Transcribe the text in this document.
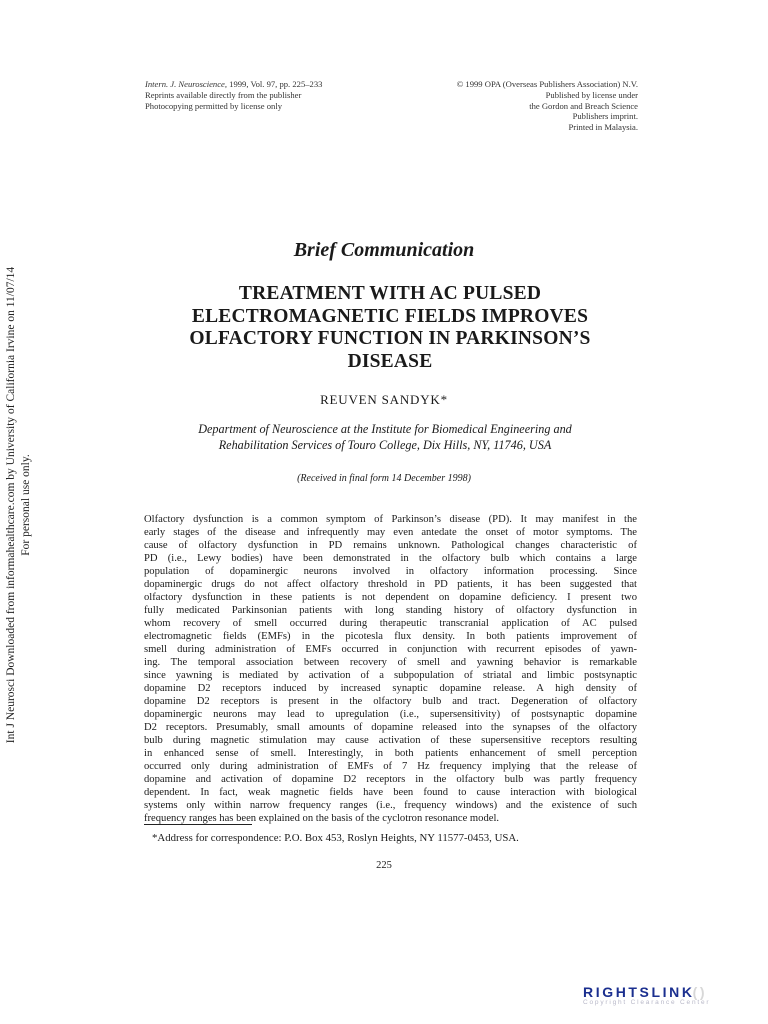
Int J Neurosci Downloaded from informahealthcare.com by University of California Irvine on 11/07/14 For personal use only.
Intern. J. Neuroscience, 1999, Vol. 97, pp. 225–233
Reprints available directly from the publisher
Photocopying permitted by license only
© 1999 OPA (Overseas Publishers Association) N.V.
Published by license under
the Gordon and Breach Science
Publishers imprint.
Printed in Malaysia.
Brief Communication
TREATMENT WITH AC PULSED
ELECTROMAGNETIC FIELDS IMPROVES
OLFACTORY FUNCTION IN PARKINSON’S
DISEASE
REUVEN SANDYK*
Department of Neuroscience at the Institute for Biomedical Engineering and
Rehabilitation Services of Touro College, Dix Hills, NY, 11746, USA
(Received in final form 14 December 1998)
Olfactory dysfunction is a common symptom of Parkinson’s disease (PD). It may manifest in the
early stages of the disease and infrequently may even antedate the onset of motor symptoms. The
cause of olfactory dysfunction in PD remains unknown. Pathological changes characteristic of
PD (i.e., Lewy bodies) have been demonstrated in the olfactory bulb which contains a large
population of dopaminergic neurons involved in olfactory information processing. Since
dopaminergic drugs do not affect olfactory threshold in PD patients, it has been suggested that
olfactory dysfunction in these patients is not dependent on dopamine deficiency. I present two
fully medicated Parkinsonian patients with long standing history of olfactory dysfunction in
whom recovery of smell occurred during therapeutic transcranial application of AC pulsed
electromagnetic fields (EMFs) in the picotesla flux density. In both patients improvement of
smell during administration of EMFs occurred in conjunction with recurrent episodes of yawn-
ing. The temporal association between recovery of smell and yawning behavior is remarkable
since yawning is mediated by activation of a subpopulation of striatal and limbic postsynaptic
dopamine D2 receptors induced by increased synaptic dopamine release. A high density of
dopamine D2 receptors is present in the olfactory bulb and tract. Degeneration of olfactory
dopaminergic neurons may lead to upregulation (i.e., supersensitivity) of postsynaptic dopamine
D2 receptors. Presumably, small amounts of dopamine released into the synapses of the olfactory
bulb during magnetic stimulation may cause activation of these supersensitive receptors resulting
in enhanced sense of smell. Interestingly, in both patients enhancement of smell perception
occurred only during administration of EMFs of 7 Hz frequency implying that the release of
dopamine and activation of dopamine D2 receptors in the olfactory bulb was partly frequency
dependent. In fact, weak magnetic fields have been found to cause interaction with biological
systems only within narrow frequency ranges (i.e., frequency windows) and the existence of such
frequency ranges has been explained on the basis of the cyclotron resonance model.
*Address for correspondence: P.O. Box 453, Roslyn Heights, NY 11577-0453, USA.
225
RIGHTSLINK()
Copyright Clearance Center
